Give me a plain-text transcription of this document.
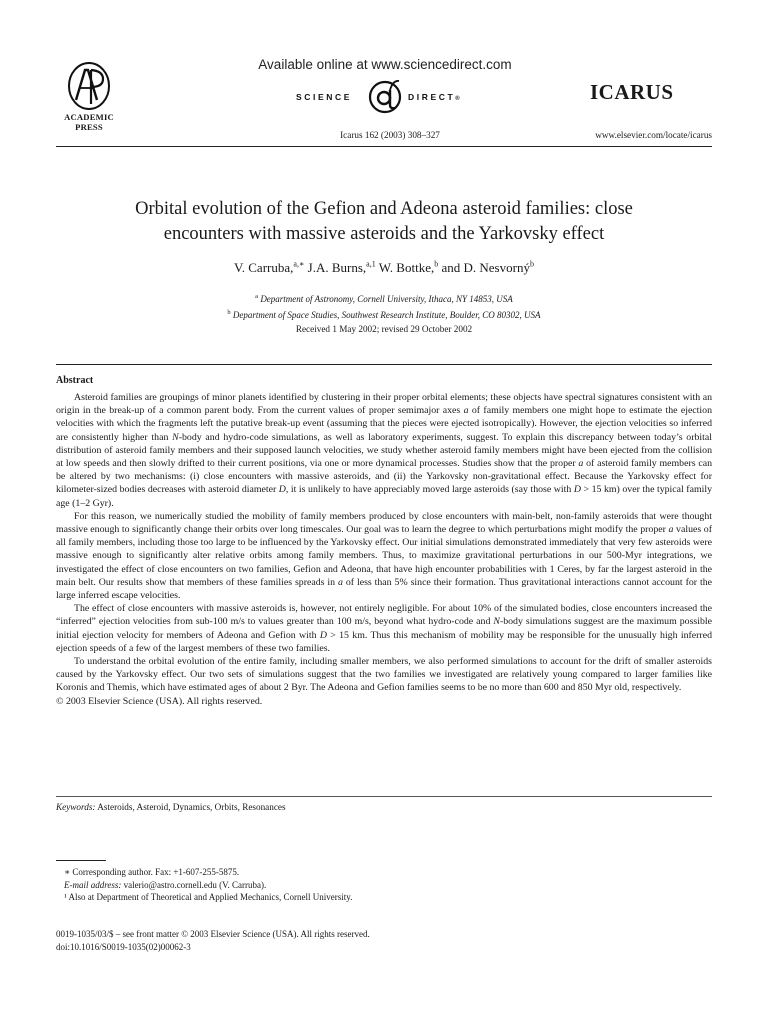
ACADEMIC
PRESS
Available online at www.sciencedirect.com
SCIENCE	DIRECT®	ICARUS
Icarus 162 (2003) 308–327	www.elsevier.com/locate/icarus
Orbital evolution of the Gefion and Adeona asteroid families: close
encounters with massive asteroids and the Yarkovsky effect
V. Carruba,$^{a,∗}$ J.A. Burns,$^{a,1}$ W. Bottke,$^b$ and D. Nesvorný$^b$
$^a$ Department of Astronomy, Cornell University, Ithaca, NY 14853, USA
$^b$ Department of Space Studies, Southwest Research Institute, Boulder, CO 80302, USA
Received 1 May 2002; revised 29 October 2002
Abstract

Asteroid families are groupings of minor planets identified by clustering in their proper orbital elements; these objects have spectral signatures consistent with an origin in the break-up of a common parent body. From the current values of proper semimajor axes a of family members one might hope to estimate the ejection velocities with which the fragments left the putative break-up event (assuming that the pieces were ejected isotropically). However, the ejection velocities so inferred are consistently higher than N-body and hydro-code simulations, as well as laboratory experiments, suggest. To explain this discrepancy between today’s orbital distribution of asteroid family members and their supposed launch velocities, we study whether asteroid family members might have been ejected from the collision at low speeds and then slowly drifted to their current positions, via one or more dynamical processes. Studies show that the proper a of asteroid family members can be altered by two mechanisms: (i) close encounters with massive asteroids, and (ii) the Yarkovsky non-gravitational effect. Because the Yarkovsky effect for kilometer-sized bodies decreases with asteroid diameter D, it is unlikely to have appreciably moved large asteroids (say those with D > 15 km) over the typical family age (1–2 Gyr).

For this reason, we numerically studied the mobility of family members produced by close encounters with main-belt, non-family asteroids that were thought massive enough to significantly change their orbits over long timescales. Our goal was to learn the degree to which perturbations might modify the proper a values of all family members, including those too large to be influenced by the Yarkovsky effect. Our initial simulations demonstrated immediately that very few asteroids were massive enough to significantly alter relative orbits among family members. Thus, to maximize gravitational perturbations in our 500-Myr integrations, we investigated the effect of close encounters on two families, Gefion and Adeona, that have high encounter probabilities with 1 Ceres, by far the largest asteroid in the main belt. Our results show that members of these families spreads in a of less than 5% since their formation. Thus gravitational interactions cannot account for the large inferred escape velocities.

The effect of close encounters with massive asteroids is, however, not entirely negligible. For about 10% of the simulated bodies, close encounters increased the “inferred” ejection velocities from sub-100 m/s to values greater than 100 m/s, beyond what hydro-code and N-body simulations suggest are the maximum possible initial ejection velocity for members of Adeona and Gefion with D > 15 km. Thus this mechanism of mobility may be responsible for the unusually high inferred ejection speeds of a few of the largest members of these two families.

To understand the orbital evolution of the entire family, including smaller members, we also performed simulations to account for the drift of smaller asteroids caused by the Yarkovsky effect. Our two sets of simulations suggest that the two families we investigated are relatively young compared to larger families like Koronis and Themis, which have estimated ages of about 2 Byr. The Adeona and Gefion families seems to be no more than 600 and 850 Myr old, respectively.

© 2003 Elsevier Science (USA). All rights reserved.

Keywords: Asteroids, Asteroid, Dynamics, Orbits, Resonances
∗ Corresponding author. Fax: +1-607-255-5875.
E-mail address: valerio@astro.cornell.edu (V. Carruba).
¹ Also at Department of Theoretical and Applied Mechanics, Cornell University.
0019-1035/03/$ – see front matter © 2003 Elsevier Science (USA). All rights reserved.
doi:10.1016/S0019-1035(02)00062-3
